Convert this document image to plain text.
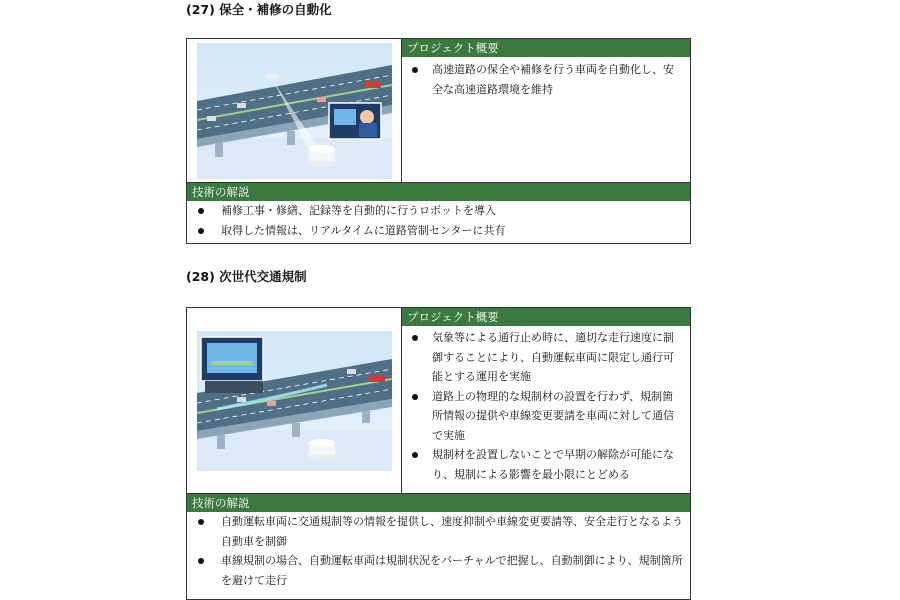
(27) 保全・補修の自動化
プロジェクト概要
高速道路の保全や補修を行う車両を自動化し、安全な高速道路環境を維持
技術の解説
補修工事・修繕、記録等を自動的に行うロボットを導入
取得した情報は、リアルタイムに道路管制センターに共有
(28) 次世代交通規制
プロジェクト概要
気象等による通行止め時に、適切な走行速度に制御することにより、自動運転車両に限定し通行可能とする運用を実施
道路上の物理的な規制材の設置を行わず、規制箇所情報の提供や車線変更要請を車両に対して通信で実施
規制材を設置しないことで早期の解除が可能になり、規制による影響を最小限にとどめる
技術の解説
自動運転車両に交通規制等の情報を提供し、速度抑制や車線変更要請等、安全走行となるよう自動車を制御
車線規制の場合、自動運転車両は規制状況をバーチャルで把握し、自動制御により、規制箇所を避けて走行
